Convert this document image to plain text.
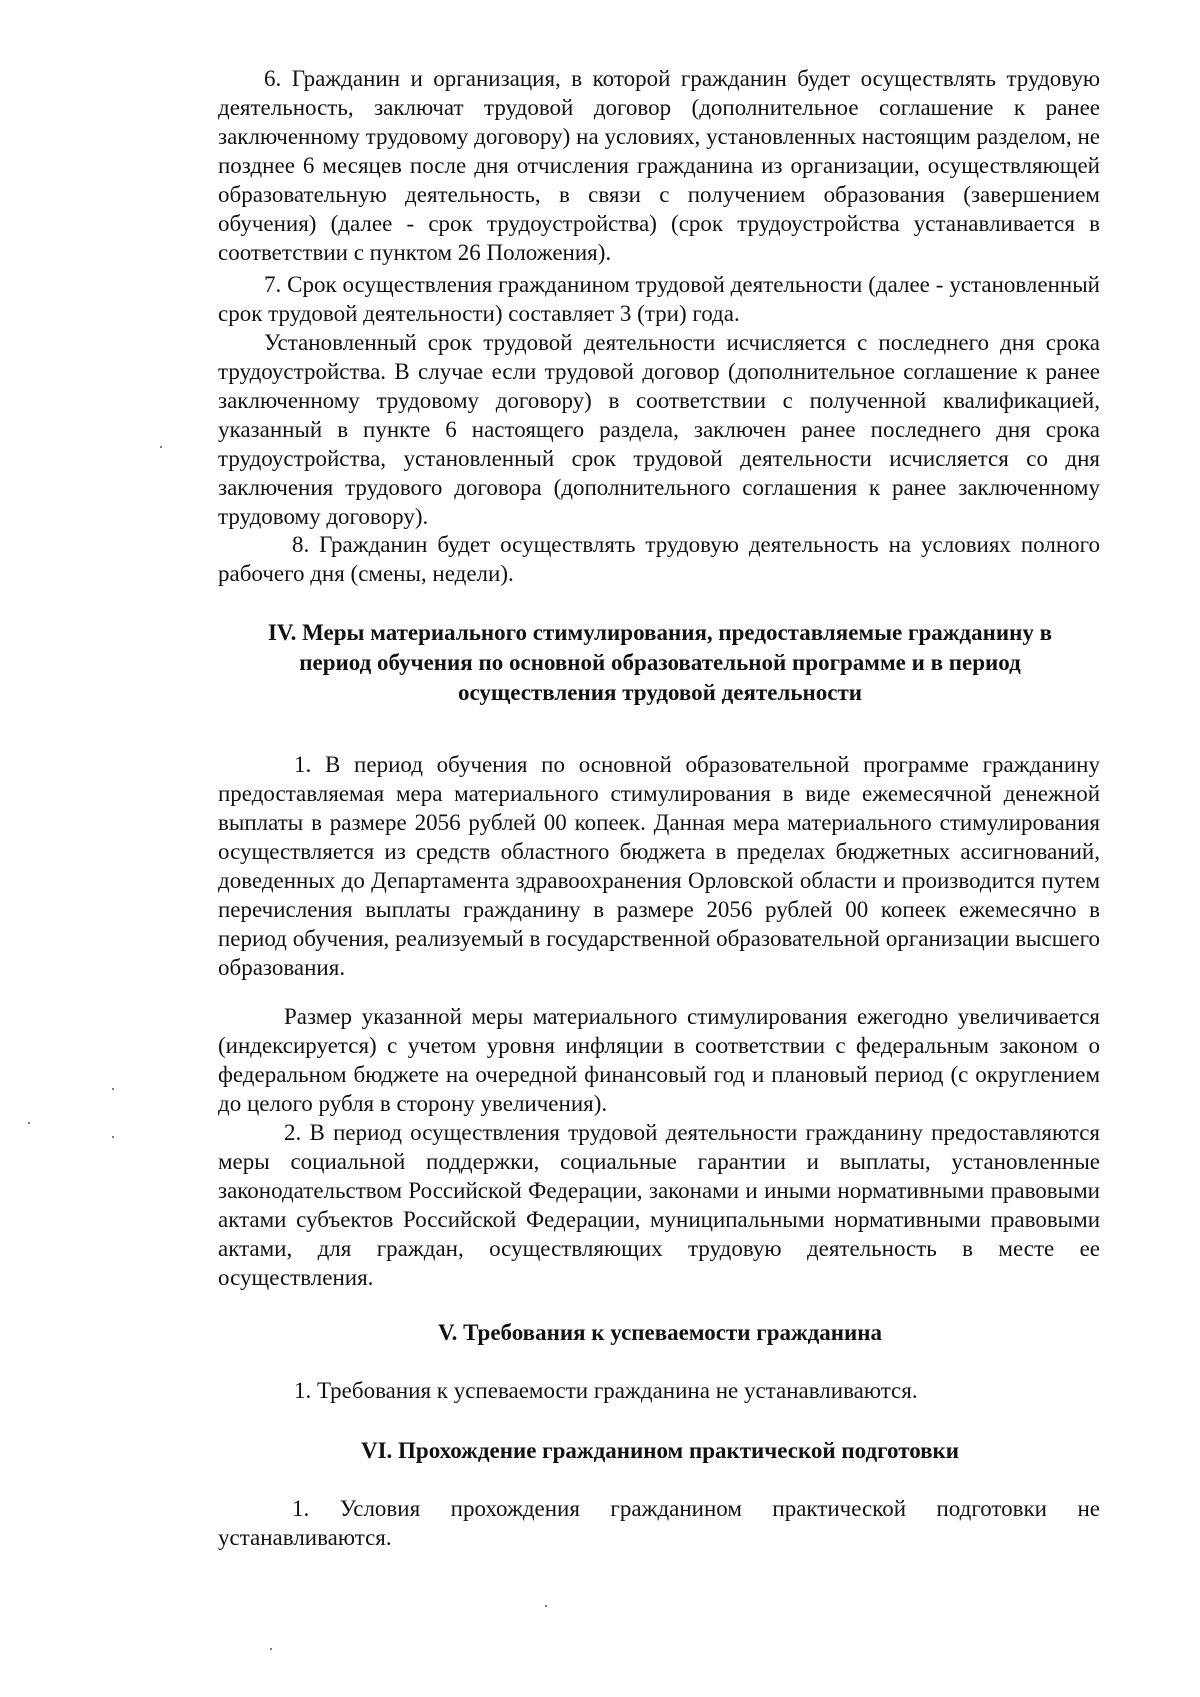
6. Гражданин и организация, в которой гражданин будет осуществлять трудовую деятельность, заключат трудовой договор (дополнительное соглашение к ранее заключенному трудовому договору) на условиях, установленных настоящим разделом, не позднее 6 месяцев после дня отчисления гражданина из организации, осуществляющей образовательную деятельность, в связи с получением образования (завершением обучения) (далее - срок трудоустройства) (срок трудоустройства устанавливается в соответствии с пунктом 26 Положения).

7. Срок осуществления гражданином трудовой деятельности (далее - установленный срок трудовой деятельности) составляет 3 (три) года.

Установленный срок трудовой деятельности исчисляется с последнего дня срока трудоустройства. В случае если трудовой договор (дополнительное соглашение к ранее заключенному трудовому договору) в соответствии с полученной квалификацией, указанный в пункте 6 настоящего раздела, заключен ранее последнего дня срока трудоустройства, установленный срок трудовой деятельности исчисляется со дня заключения трудового договора (дополнительного соглашения к ранее заключенному трудовому договору).

8. Гражданин будет осуществлять трудовую деятельность на условиях полного рабочего дня (смены, недели).

IV. Меры материального стимулирования, предоставляемые гражданину в период обучения по основной образовательной программе и в период осуществления трудовой деятельности

1. В период обучения по основной образовательной программе гражданину предоставляемая мера материального стимулирования в виде ежемесячной денежной выплаты в размере 2056 рублей 00 копеек. Данная мера материального стимулирования осуществляется из средств областного бюджета в пределах бюджетных ассигнований, доведенных до Департамента здравоохранения Орловской области и производится путем перечисления выплаты гражданину в размере 2056 рублей 00 копеек ежемесячно в период обучения, реализуемый в государственной образовательной организации высшего образования.

Размер указанной меры материального стимулирования ежегодно увеличивается (индексируется) с учетом уровня инфляции в соответствии с федеральным законом о федеральном бюджете на очередной финансовый год и плановый период (с округлением до целого рубля в сторону увеличения).

2. В период осуществления трудовой деятельности гражданину предоставляются меры социальной поддержки, социальные гарантии и выплаты, установленные законодательством Российской Федерации, законами и иными нормативными правовыми актами субъектов Российской Федерации, муниципальными нормативными правовыми актами, для граждан, осуществляющих трудовую деятельность в месте ее осуществления.

V. Требования к успеваемости гражданина

1. Требования к успеваемости гражданина не устанавливаются.

VI. Прохождение гражданином практической подготовки

1. Условия прохождения гражданином практической подготовки не устанавливаются.
